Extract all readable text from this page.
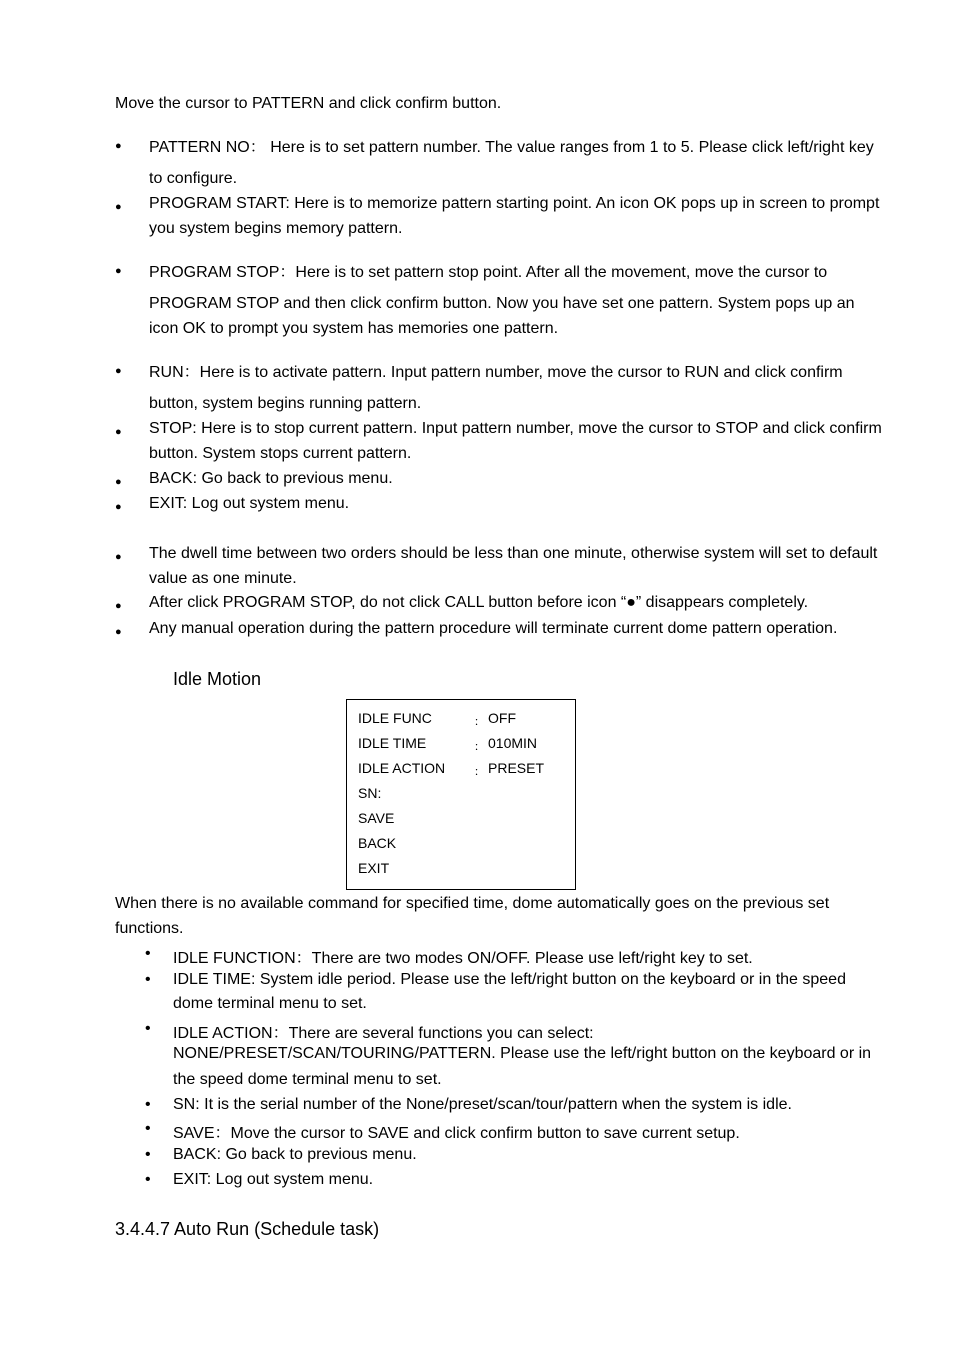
Move the cursor to PATTERN and click confirm button.
●
PATTERN NO： Here is to set pattern number. The value ranges from 1 to 5. Please click left/right key
to configure.
●
PROGRAM START: Here is to memorize pattern starting point. An icon OK pops up in screen to prompt
you system begins memory pattern.
●
PROGRAM STOP：Here is to set pattern stop point. After all the movement, move the cursor to
PROGRAM STOP and then click confirm button. Now you have set one pattern. System pops up an
icon OK to prompt you system has memories one pattern.
●
RUN：Here is to activate pattern. Input pattern number, move the cursor to RUN and click confirm
button, system begins running pattern.
●
STOP: Here is to stop current pattern. Input pattern number, move the cursor to STOP and click confirm
button. System stops current pattern.
●
BACK: Go back to previous menu.
●
EXIT: Log out system menu.
●
The dwell time between two orders should be less than one minute, otherwise system will set to default
value as one minute.
●
After click PROGRAM STOP, do not click CALL button before icon “●” disappears completely.
●
Any manual operation during the pattern procedure will terminate current dome pattern operation.
Idle Motion
IDLE FUNC	： OFF
IDLE TIME	： 010MIN
IDLE ACTION	： PRESET
SN:
SAVE
BACK
EXIT
When there is no available command for specified time, dome automatically goes on the previous set
functions.
•
IDLE FUNCTION：There are two modes ON/OFF. Please use left/right key to set.
•
IDLE TIME: System idle period. Please use the left/right button on the keyboard or in the speed
dome terminal menu to set.
•
IDLE ACTION：There are several functions you can select:
NONE/PRESET/SCAN/TOURING/PATTERN. Please use the left/right button on the keyboard or in
the speed dome terminal menu to set.
•
SN: It is the serial number of the None/preset/scan/tour/pattern when the system is idle.
•
SAVE：Move the cursor to SAVE and click confirm button to save current setup.
•
BACK: Go back to previous menu.
•
EXIT: Log out system menu.
3.4.4.7 Auto Run (Schedule task)
